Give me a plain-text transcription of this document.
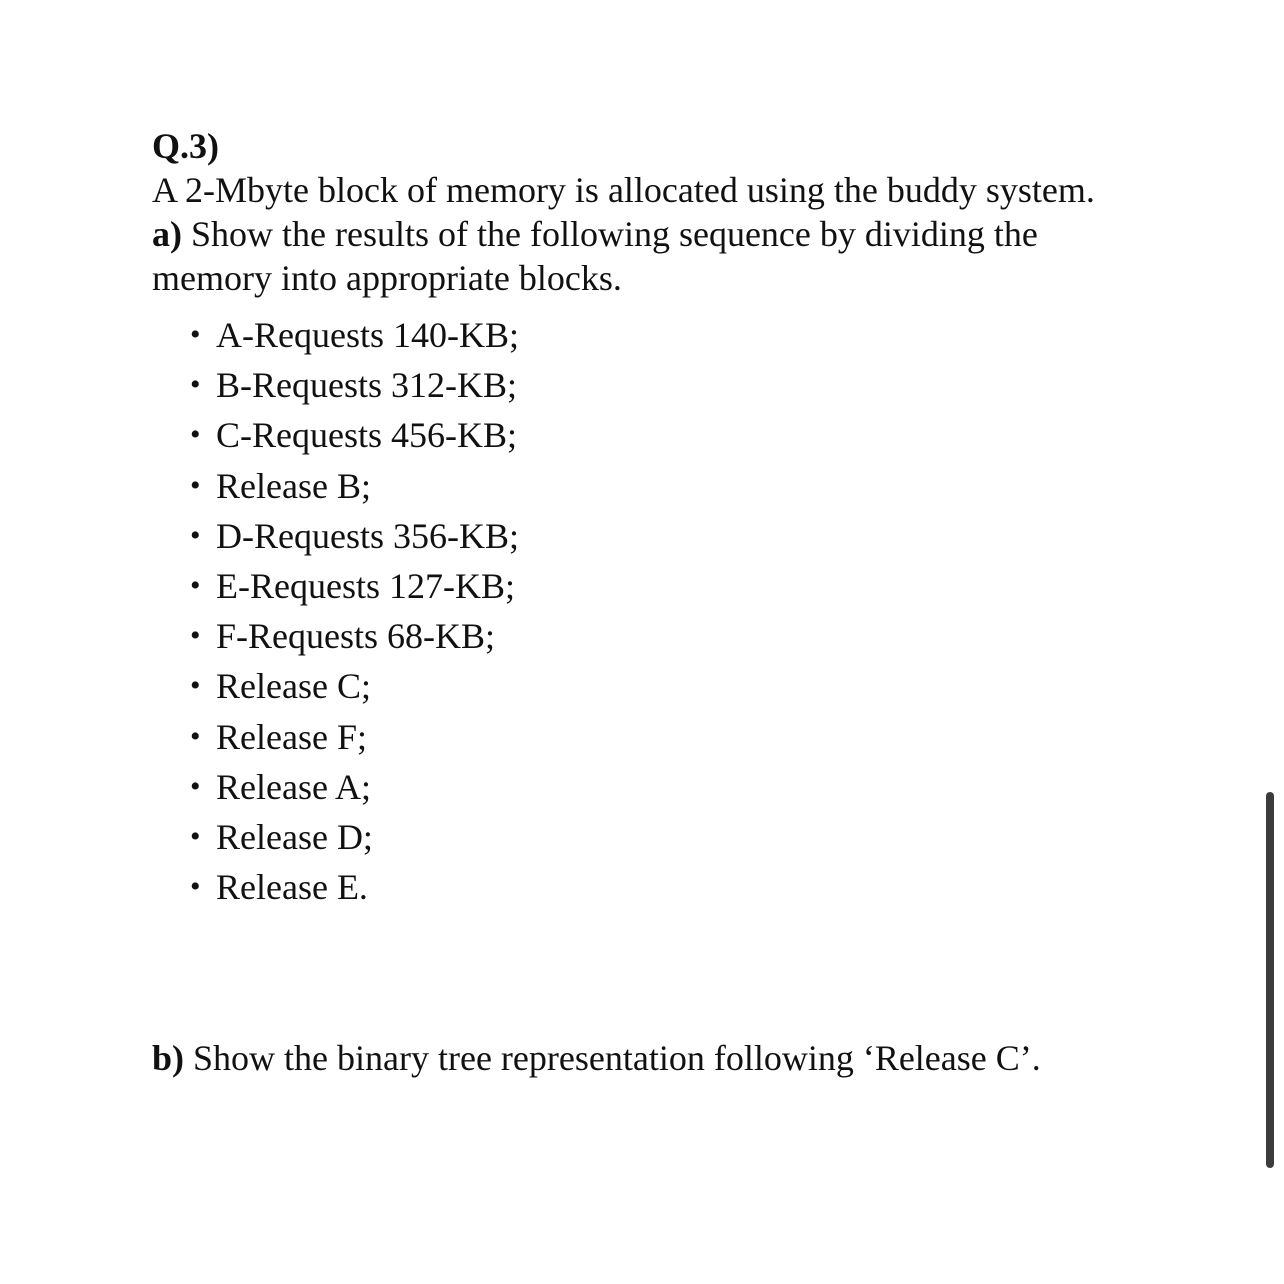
Q.3)

A 2-Mbyte block of memory is allocated using the buddy system.

a) Show the results of the following sequence by dividing the memory into appropriate blocks.

• A-Requests 140-KB;
• B-Requests 312-KB;
• C-Requests 456-KB;
• Release B;
• D-Requests 356-KB;
• E-Requests 127-KB;
• F-Requests 68-KB;
• Release C;
• Release F;
• Release A;
• Release D;
• Release E.

b) Show the binary tree representation following ‘Release C’.
